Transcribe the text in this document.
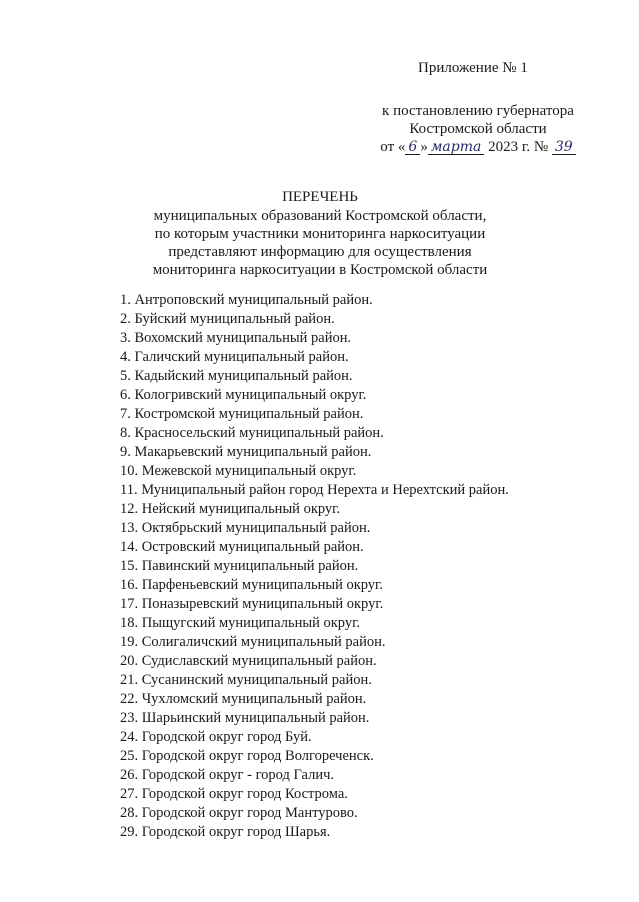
Приложение № 1
к постановлению губернатора
Костромской области
от « 6 » марта 2023 г. № 39
ПЕРЕЧЕНЬ
муниципальных образований Костромской области,
по которым участники мониторинга наркоситуации
представляют информацию для осуществления
мониторинга наркоситуации в Костромской области
1. Антроповский муниципальный район.
2. Буйский муниципальный район.
3. Вохомский муниципальный район.
4. Галичский муниципальный район.
5. Кадыйский муниципальный район.
6. Кологривский муниципальный округ.
7. Костромской муниципальный район.
8. Красносельский муниципальный район.
9. Макарьевский муниципальный район.
10. Межевской муниципальный округ.
11. Муниципальный район город Нерехта и Нерехтский район.
12. Нейский муниципальный округ.
13. Октябрьский муниципальный район.
14. Островский муниципальный район.
15. Павинский муниципальный район.
16. Парфеньевский муниципальный округ.
17. Поназыревский муниципальный округ.
18. Пыщугский муниципальный округ.
19. Солигаличский муниципальный район.
20. Судиславский муниципальный район.
21. Сусанинский муниципальный район.
22. Чухломский муниципальный район.
23. Шарьинский муниципальный район.
24. Городской округ город Буй.
25. Городской округ город Волгореченск.
26. Городской округ - город Галич.
27. Городской округ город Кострома.
28. Городской округ город Мантурово.
29. Городской округ город Шарья.
